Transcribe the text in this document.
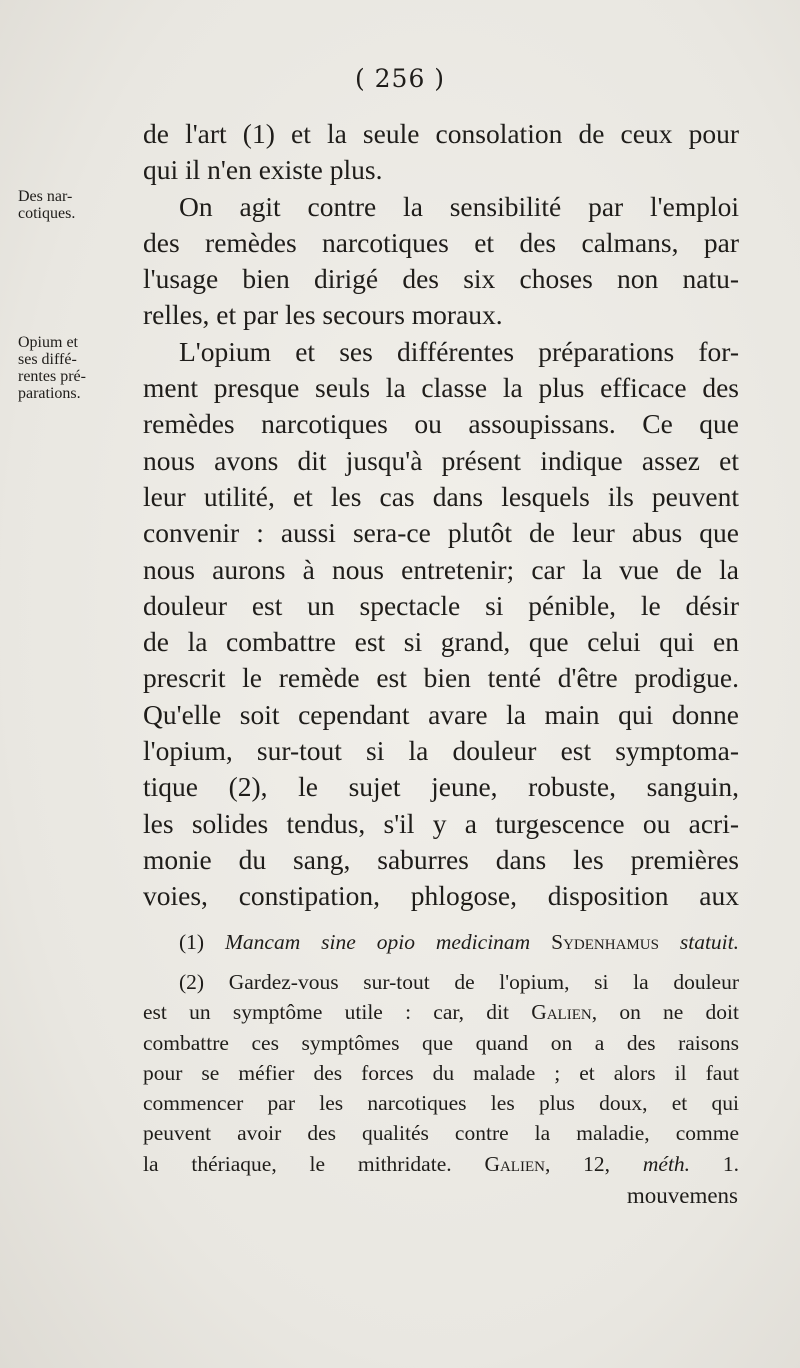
( 256 )
Des nar-
cotiques.
Opium et
ses diffé-
rentes pré-
parations.
de l'art (1) et la seule consolation de ceux pour
qui il n'en existe plus.
On agit contre la sensibilité par l'emploi
des remèdes narcotiques et des calmans, par
l'usage bien dirigé des six choses non natu-
relles, et par les secours moraux.
L'opium et ses différentes préparations for-
ment presque seuls la classe la plus efficace des
remèdes narcotiques ou assoupissans. Ce que
nous avons dit jusqu'à présent indique assez et
leur utilité, et les cas dans lesquels ils peuvent
convenir : aussi sera-ce plutôt de leur abus que
nous aurons à nous entretenir; car la vue de la
douleur est un spectacle si pénible, le désir
de la combattre est si grand, que celui qui en
prescrit le remède est bien tenté d'être prodigue.
Qu'elle soit cependant avare la main qui donne
l'opium, sur-tout si la douleur est symptoma-
tique (2), le sujet jeune, robuste, sanguin,
les solides tendus, s'il y a turgescence ou acri-
monie du sang, saburres dans les premières
voies, constipation, phlogose, disposition aux
(1) Mancam sine opio medicinam Sydenhamus statuit.
(2) Gardez-vous sur-tout de l'opium, si la douleur
est un symptôme utile : car, dit Galien, on ne doit
combattre ces symptômes que quand on a des raisons
pour se méfier des forces du malade ; et alors il faut
commencer par les narcotiques les plus doux, et qui
peuvent avoir des qualités contre la maladie, comme
la thériaque, le mithridate. Galien, 12, méth. 1.
mouvemens
